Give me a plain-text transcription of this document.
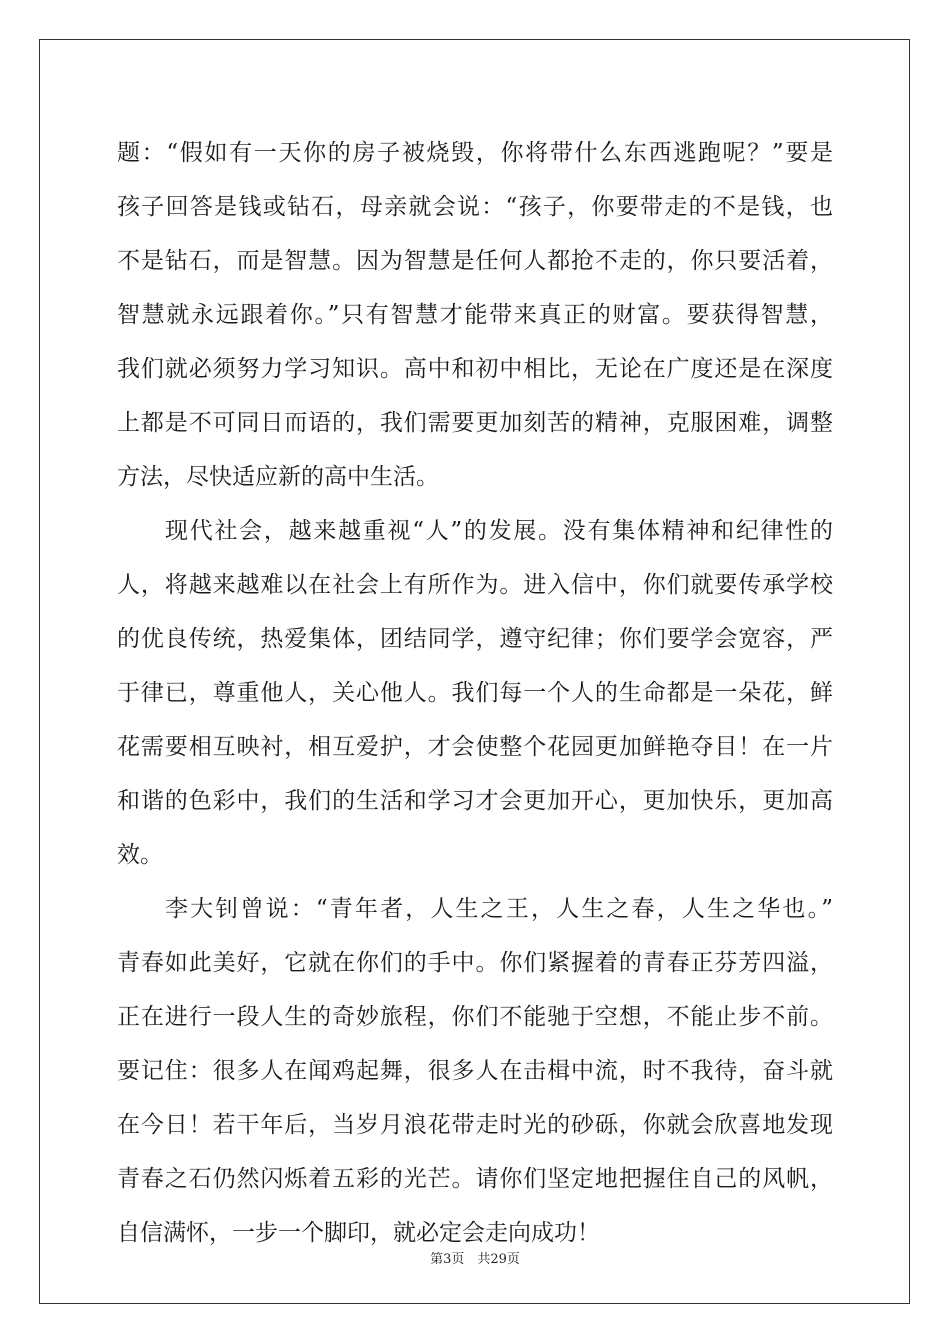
题：“假如有一天你的房子被烧毁，你将带什么东西逃跑呢？”要是
孩子回答是钱或钻石，母亲就会说：“孩子，你要带走的不是钱，也
不是钻石，而是智慧。因为智慧是任何人都抢不走的，你只要活着，
智慧就永远跟着你。”只有智慧才能带来真正的财富。要获得智慧，
我们就必须努力学习知识。高中和初中相比，无论在广度还是在深度
上都是不可同日而语的，我们需要更加刻苦的精神，克服困难，调整
方法，尽快适应新的高中生活。
现代社会，越来越重视“人”的发展。没有集体精神和纪律性的
人，将越来越难以在社会上有所作为。进入信中，你们就要传承学校
的优良传统，热爱集体，团结同学，遵守纪律；你们要学会宽容，严
于律已，尊重他人，关心他人。我们每一个人的生命都是一朵花，鲜
花需要相互映衬，相互爱护，才会使整个花园更加鲜艳夺目！在一片
和谐的色彩中，我们的生活和学习才会更加开心，更加快乐，更加高
效。
李大钊曾说：“青年者，人生之王，人生之春，人生之华也。”
青春如此美好，它就在你们的手中。你们紧握着的青春正芬芳四溢，
正在进行一段人生的奇妙旅程，你们不能驰于空想，不能止步不前。
要记住：很多人在闻鸡起舞，很多人在击楫中流，时不我待，奋斗就
在今日！若干年后，当岁月浪花带走时光的砂砾，你就会欣喜地发现
青春之石仍然闪烁着五彩的光芒。请你们坚定地把握住自己的风帆，
自信满怀，一步一个脚印，就必定会走向成功！
第3页　共29页
